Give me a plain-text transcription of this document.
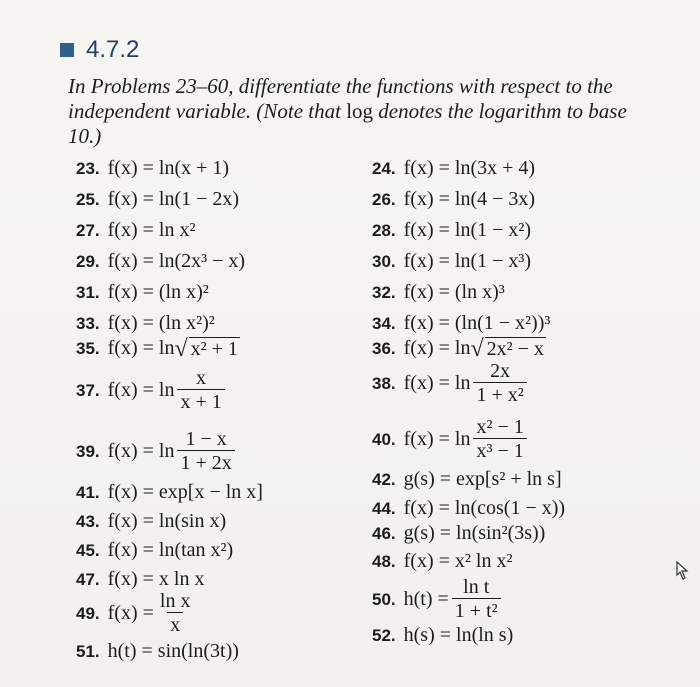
4.7.2
In Problems 23–60, differentiate the functions with respect to the independent variable. (Note that log denotes the logarithm to base 10.)
23. f(x) = ln(x + 1)
25. f(x) = ln(1 − 2x)
27. f(x) = ln x²
29. f(x) = ln(2x³ − x)
31. f(x) = (ln x)²
33. f(x) = (ln x²)²
35. f(x) = ln √ x² + 1
37. $f(x) = \ln \frac{x}{x + 1}$
39. $f(x) = \ln \frac{1 - x}{1 + 2x}$
41. f(x) = exp[x − ln x]
43. f(x) = ln(sin x)
45. f(x) = ln(tan x²)
47. f(x) = x ln x
49. $f(x) = \frac{\text{ln x}}{x}$
51. h(t) = sin(ln(3t))
24. f(x) = ln(3x + 4)
26. f(x) = ln(4 − 3x)
28. f(x) = ln(1 − x²)
30. f(x) = ln(1 − x³)
32. f(x) = (ln x)³
34. f(x) = (ln(1 − x²))³
36. f(x) = ln √ 2x² − x
38. $f(x) = \ln \frac{2x}{\text{1 + x²}}$
40. $f(x) = \ln \frac{\text{x² − 1}}{\text{x³ − 1}}$
42. g(s) = exp[s² + ln s]
44. f(x) = ln(cos(1 − x))
46. g(s) = ln(sin²(3s))
48. f(x) = x² ln x²
50. $h(t) = \frac{\text{ln t}}{\text{1 + t²}}$
52. h(s) = ln(ln s)
